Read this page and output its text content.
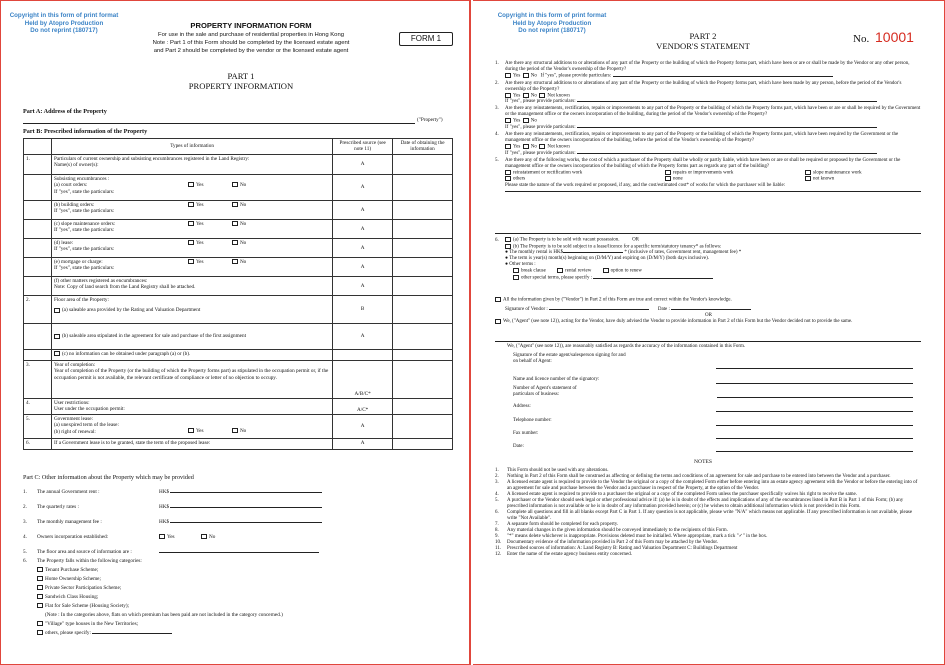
Copyright in this form of print format
Held by Atopro Production
Do not reprint (180717)
PROPERTY INFORMATION FORM
For use in the sale and purchase of residential properties in Hong Kong
Note : Part 1 of this Form should be completed by the licensed estate agent
and Part 2 should be completed by the vendor or the licensed estate agent
FORM 1
PART 1
PROPERTY INFORMATION
Part A: Address of the Property
("Property")
Part B: Prescribed information of the Property
	Types of information	Prescribed source (see note 11)	Date of obtaining the information
1.	Particulars of current ownership and subsisting encumbrances registered in the Land Registry:
Name(s) of owner(s):	A	

	Subsisting encumbrances :
(a) court orders:
If "yes", state the particulars:
Yes No	A	

	(b) building orders:
If "yes", state the particulars:
Yes No	A	

	(c) slope maintenance orders:
If "yes", state the particulars:
Yes No	A	

	(d) lease:
If "yes", state the particulars:
Yes No	A	

	(e) mortgage or charge:
If "yes", state the particulars:
Yes No	A	

	(f) other matters registered as encumbrances:
Note: Copy of land search from the Land Registry shall be attached.	A	
2.	Floor area of the Property:
(a) saleable area provided by the Rating and Valuation Department	B	
	(b) saleable area stipulated in the agreement for sale and purchase of the first assignment	A	
	(c) no information can be obtained under paragraph (a) or (b).		
3.	Year of completion:
Year of completion of the Property (or the building of which the Property forms part) as stipulated in the occupation permit or, if the occupation permit is not available, the relevant certificate of compliance or letter of no objection to occupy.	A/B/C*	
4.	User restrictions:
User under the occupation permit:	A/C*	
5.	Government lease:
(a) unexpired term of the lease:
(b) right of renewal: Yes No	A	
6.	If a Government lease is to be granted, state the term of the proposed lease:	A	
Part C: Other information about the Property which may be provided
1. The annual Government rent :	HK$
2. The quarterly rates :	HK$
3. The monthly management fee :	HK$
4. Owners incorporation established:	Yes	No
5. The floor area and source of information are :
6. The Property falls within the following categories:
Tenant Purchase Scheme;
Home Ownership Scheme;
Private Sector Participation Scheme;
Sandwich Class Housing;
Flat for Sale Scheme (Housing Society);
(Note : In the categories above, flats on which premium has been paid are not included in the category concerned.)
"Village" type houses in the New Territories;
others, please specify:
Copyright in this form of print format
Held by Atopro Production
Do not reprint (180717)
PART 2
VENDOR'S STATEMENT
No. 10001
1.	Are there any structural additions to or alterations of any part of the Property or the building of which the Property forms part, which have been or are or shall be made by the Vendor or any other person, during the period of the Vendor's ownership of the Property?
Yes No If "yes", please provide particulars:
2.	Are there any structural additions to or alterations of any part of the Property or the building of which the Property forms part, which have been made by any person, before the period of the Vendor's ownership of the Property?
Yes No Not known
If "yes", please provide particulars:
3.	Are there any reinstatements, rectification, repairs or improvements to any part of the Property or the building of which the Property forms part, which have been or are or shall be required by the Government or the management office or the owners incorporation of the building, during the period of the Vendor's ownership of the Property?
Yes No
If "yes", please provide particulars:
4.	Are there any reinstatements, rectification, repairs or improvements to any part of the Property or the building of which the Property forms part, which have been required by the Government or the management office or the owners incorporation of the building, before the period of the Vendor's ownership of the Property?
Yes No Not known
If "yes", please provide particulars:
5.	Are there any of the following works, the cost of which a purchaser of the Property shall be wholly or partly liable, which have been or are or shall be required or proposed by the Government or the management office or the owners incorporation of the building of which the Property forms part as regards any part of the building?
reinstatement or rectification work	repairs or improvements work	slope maintenance work
others	none	not known
Please state the nature of the work required or proposed, if any, and the cost/estimated cost* of works for which the purchaser will be liable:
6.	(a) The Property is to be sold with vacant possession.	OR
(b) The Property is to be sold subject to a lease/licence for a specific term/statutory tenancy* as follows:
● The monthly rental is HK$	* (inclusive of rates, Government rent, management fee) *
● The term is year(s) month(s) beginning on (D/M/Y) and expiring on (D/M/Y) (both days inclusive).
● Other terms :
break clause	rental review	option to renew
other special terms, please specify :
All the information given by ("Vendor") in Part 2 of this Form are true and correct within the Vendor's knowledge.
Signature of Vendor :	Date :
OR
We, ("Agent" (see note 12)), acting for the Vendor, have duly advised the Vendor to provide information in Part 2 of this Form but the Vendor decided not to provide the same.
We, ("Agent" (see note 12)), are reasonably satisfied as regards the accuracy of the information contained in this Form.
Signature of the estate agent/salesperson signing for and on behalf of Agent:
Name and licence number of the signatory:
Number of Agent's statement of particulars of business:
Address:
Telephone number:
Fax number:
Date:
NOTES
1.	This Form should not be used with any alterations.
2.	Nothing in Part 2 of this Form shall be construed as affecting or defining the terms and conditions of an agreement for sale and purchase to be entered into between the Vendor and a purchaser.
3.	A licensed estate agent is required to provide to the Vendor the original or a copy of the completed Form either before entering into an estate agency agreement with the Vendor or before the entering into of an agreement for sale and purchase between the Vendor and a purchaser in respect of the Property, at the option of the Vendor.
4.	A licensed estate agent is required to provide to a purchaser the original or a copy of the completed Form unless the purchaser specifically waives his right to receive the same.
5.	A purchaser or the Vendor should seek legal or other professional advice if: (a) he is in doubt of the effects and implications of any of the encumbrances listed in Part B in Part 1 of this Form; (b) any prescribed information is not available or he is in doubt of any information provided herein; or (c) he wishes to obtain additional information which is not provided in this Form.
6.	Complete all questions and fill in all blanks except Part C in Part 1. If any question is not applicable, please write "N/A" which means not applicable. If any prescribed information is not available, please write "Not Available".
7.	A separate form should be completed for each property.
8.	Any material changes in the given information should be conveyed immediately to the recipients of this Form.
9.	"*" means delete whichever is inappropriate. Provisions deleted must be initialled. Where appropriate, mark a tick "✓" in the box.
10.	Documentary evidence of the information provided in Part 2 of this Form may be attached by the Vendor.
11.	Prescribed sources of information: A: Land Registry B: Rating and Valuation Department C: Buildings Department
12.	Enter the name of the estate agency business entity concerned.
